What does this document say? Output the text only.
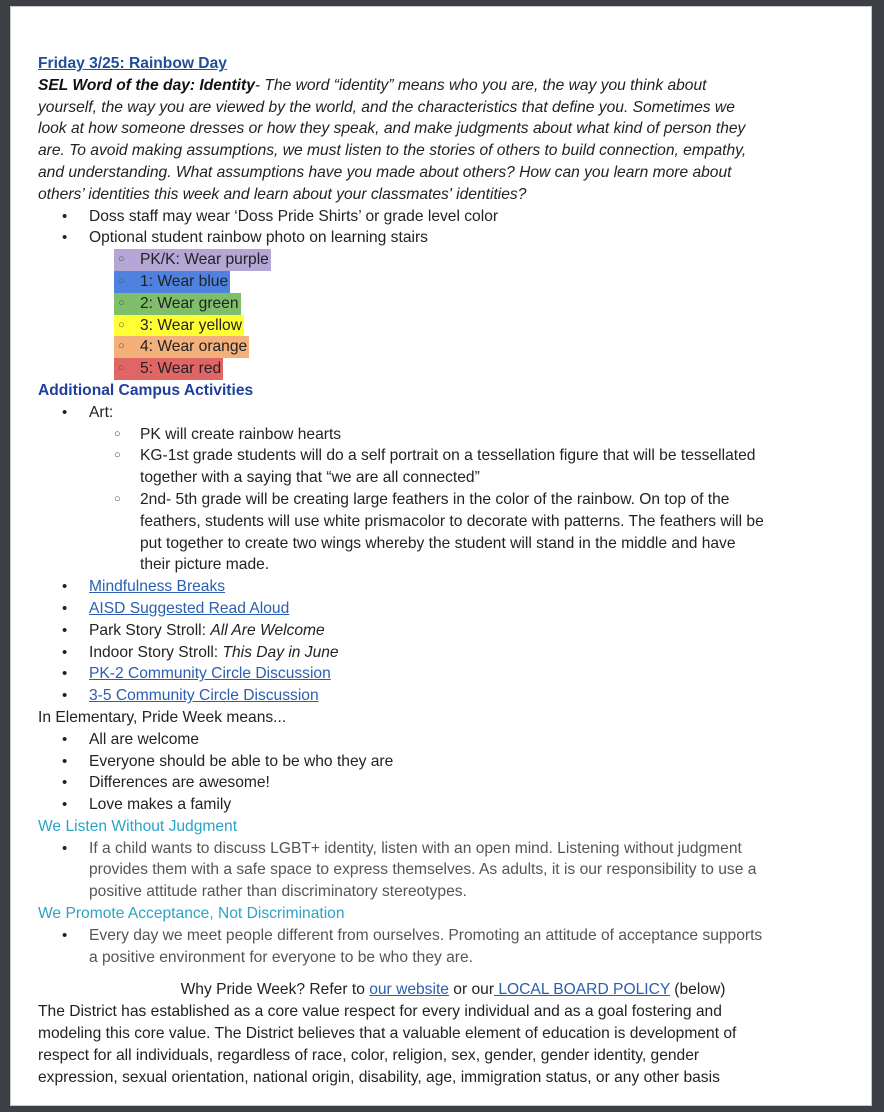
Friday 3/25: Rainbow Day
SEL Word of the day: Identity- The word “identity” means who you are, the way you think about
yourself, the way you are viewed by the world, and the characteristics that define you. Sometimes we
look at how someone dresses or how they speak, and make judgments about what kind of person they
are. To avoid making assumptions, we must listen to the stories of others to build connection, empathy,
and understanding. What assumptions have you made about others? How can you learn more about
others’ identities this week and learn about your classmates' identities?
• Doss staff may wear ‘Doss Pride Shirts’ or grade level color
• Optional student rainbow photo on learning stairs
○ PK/K: Wear purple
○ 1: Wear blue
○ 2: Wear green
○ 3: Wear yellow
○ 4: Wear orange
○ 5: Wear red
Additional Campus Activities
• Art:
○ PK will create rainbow hearts
○ KG-1st grade students will do a self portrait on a tessellation figure that will be tessellated
together with a saying that “we are all connected”
○ 2nd- 5th grade will be creating large feathers in the color of the rainbow. On top of the
feathers, students will use white prismacolor to decorate with patterns. The feathers will be
put together to create two wings whereby the student will stand in the middle and have
their picture made.
• Mindfulness Breaks
• AISD Suggested Read Aloud
• Park Story Stroll: All Are Welcome
• Indoor Story Stroll: This Day in June
• PK-2 Community Circle Discussion
• 3-5 Community Circle Discussion
In Elementary, Pride Week means...
• All are welcome
• Everyone should be able to be who they are
• Differences are awesome!
• Love makes a family
We Listen Without Judgment
• If a child wants to discuss LGBT+ identity, listen with an open mind. Listening without judgment
provides them with a safe space to express themselves. As adults, it is our responsibility to use a
positive attitude rather than discriminatory stereotypes.
We Promote Acceptance, Not Discrimination
• Every day we meet people different from ourselves. Promoting an attitude of acceptance supports
a positive environment for everyone to be who they are.
Why Pride Week? Refer to our website or our LOCAL BOARD POLICY (below)
The District has established as a core value respect for every individual and as a goal fostering and
modeling this core value. The District believes that a valuable element of education is development of
respect for all individuals, regardless of race, color, religion, sex, gender, gender identity, gender
expression, sexual orientation, national origin, disability, age, immigration status, or any other basis
